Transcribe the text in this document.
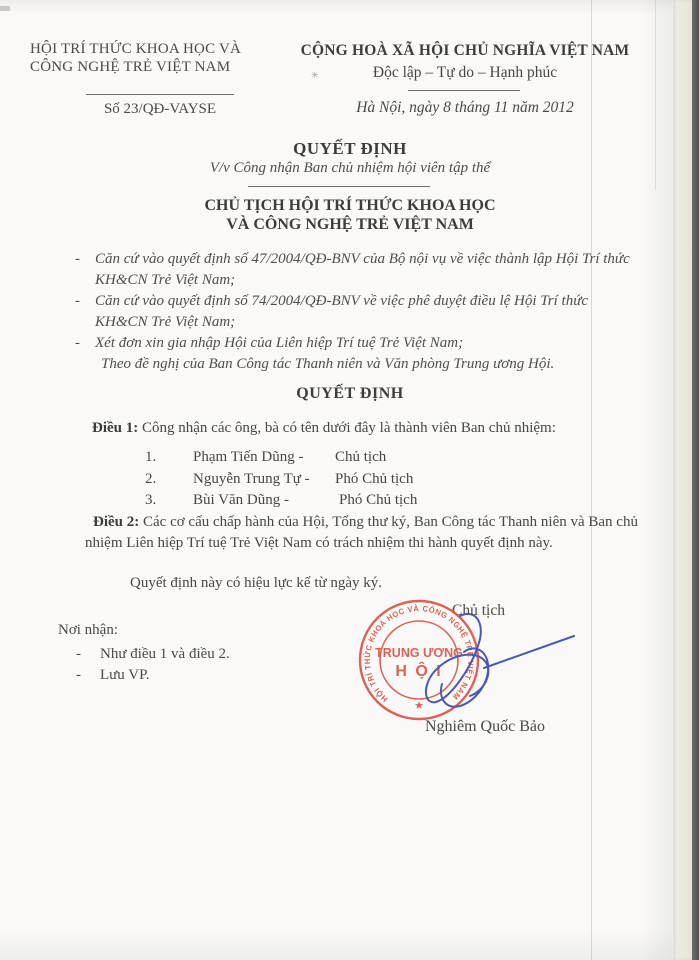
HỘI TRÍ THỨC KHOA HỌC VÀ
CÔNG NGHỆ TRẺ VIỆT NAM
Số 23/QĐ-VAYSE
CỘNG HOÀ XÃ HỘI CHỦ NGHĨA VIỆT NAM
Độc lập – Tự do – Hạnh phúc
✳
Hà Nội, ngày 8 tháng 11 năm 2012
QUYẾT ĐỊNH
V/v Công nhận Ban chủ nhiệm hội viên tập thể
CHỦ TỊCH HỘI TRÍ THỨC KHOA HỌC
VÀ CÔNG NGHỆ TRẺ VIỆT NAM
-	Căn cứ vào quyết định số 47/2004/QĐ-BNV của Bộ nội vụ về việc thành lập Hội Trí thức KH&CN Trẻ Việt Nam;
-	Căn cứ vào quyết định số 74/2004/QĐ-BNV về việc phê duyệt điều lệ Hội Trí thức KH&CN Trẻ Việt Nam;
-	Xét đơn xin gia nhập Hội của Liên hiệp Trí tuệ Trẻ Việt Nam;
Theo đề nghị của Ban Công tác Thanh niên và Văn phòng Trung ương Hội.
QUYẾT ĐỊNH
Điều 1: Công nhận các ông, bà có tên dưới đây là thành viên Ban chủ nhiệm:
1.	Phạm Tiến Dũng -	Chủ tịch
2.	Nguyễn Trung Tự -	Phó Chủ tịch
3.	Bùi Văn Dũng -	Phó Chủ tịch
Điều 2: Các cơ cấu chấp hành của Hội, Tổng thư ký, Ban Công tác Thanh niên và Ban chủ nhiệm Liên hiệp Trí tuệ Trẻ Việt Nam có trách nhiệm thi hành quyết định này.
Quyết định này có hiệu lực kể từ ngày ký.
Chủ tịch
Nơi nhận:
-	Như điều 1 và điều 2.
-	Lưu VP.
HỘI TRÍ THỨC KHOA HỌC VÀ CÔNG NGHỆ TRẺ VIỆT NAM
TRUNG ƯƠNG
H Ộ I
★
Nghiêm Quốc Bảo
